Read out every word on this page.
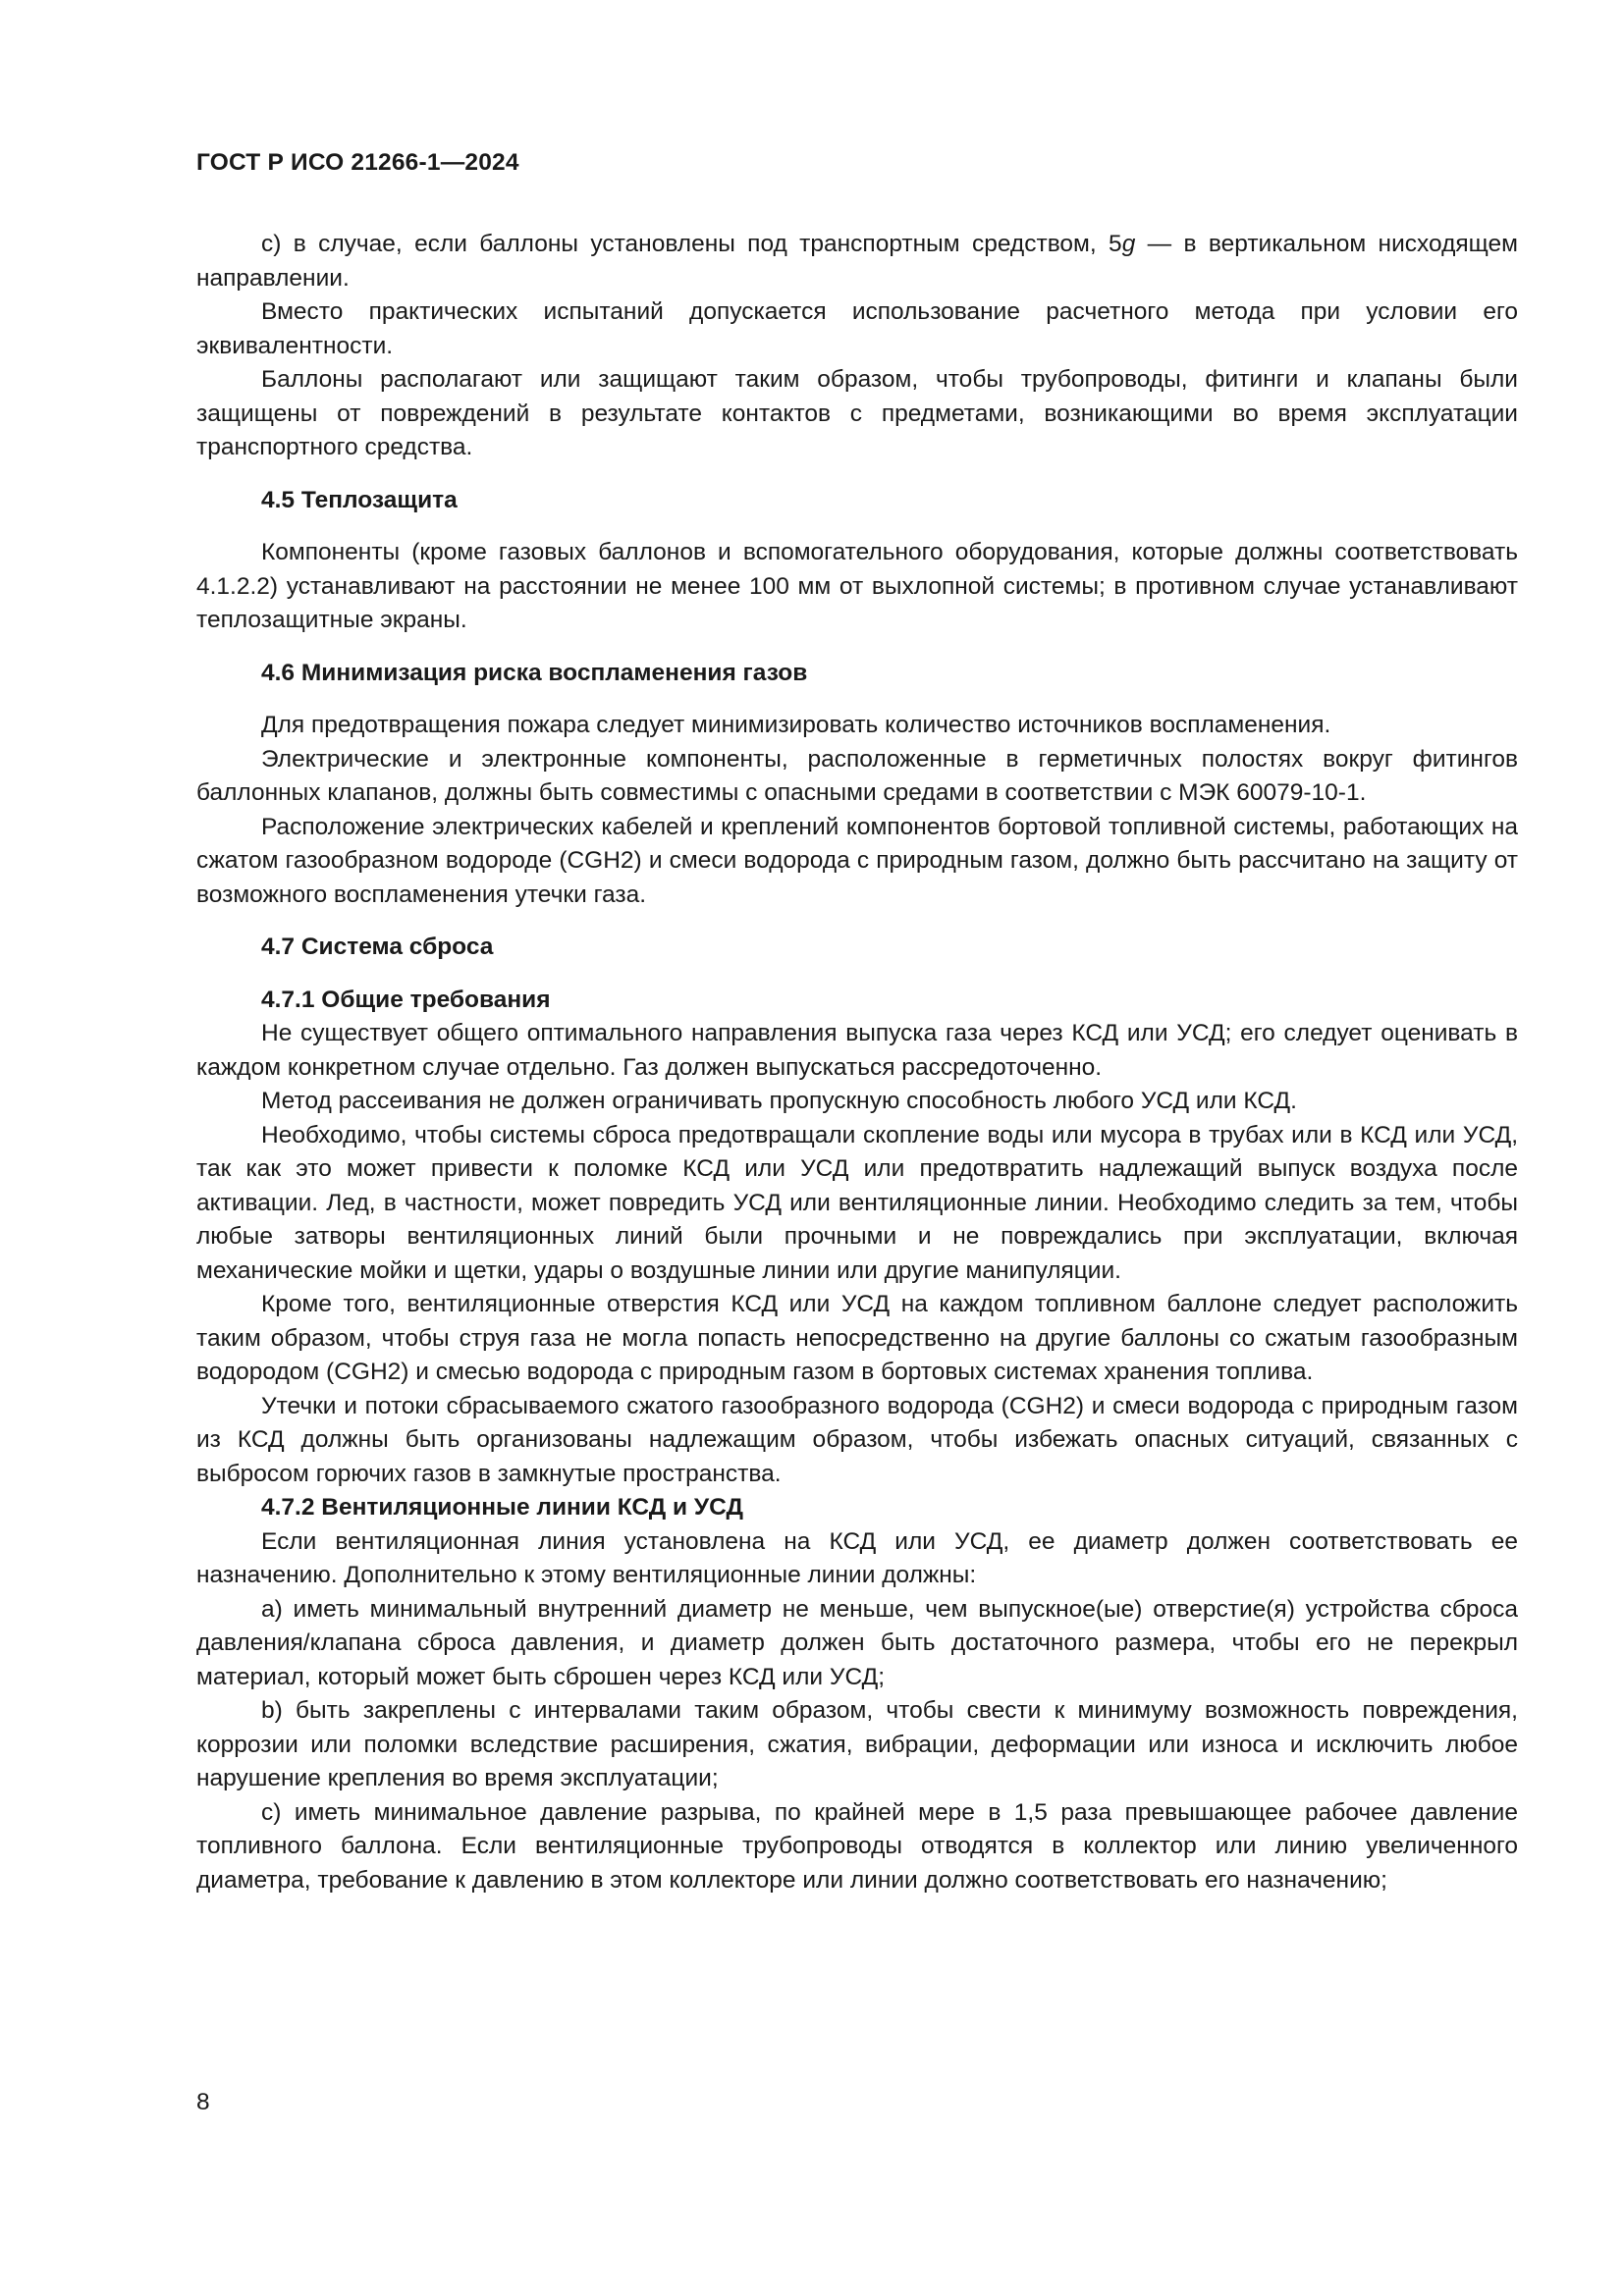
ГОСТ Р ИСО 21266-1—2024

с) в случае, если баллоны установлены под транспортным средством, 5g — в вертикальном нисходящем направлении.

Вместо практических испытаний допускается использование расчетного метода при условии его эквивалентности.

Баллоны располагают или защищают таким образом, чтобы трубопроводы, фитинги и клапаны были защищены от повреждений в результате контактов с предметами, возникающими во время эксплуатации транспортного средства.

4.5 Теплозащита

Компоненты (кроме газовых баллонов и вспомогательного оборудования, которые должны соответствовать 4.1.2.2) устанавливают на расстоянии не менее 100 мм от выхлопной системы; в противном случае устанавливают теплозащитные экраны.

4.6 Минимизация риска воспламенения газов

Для предотвращения пожара следует минимизировать количество источников воспламенения.

Электрические и электронные компоненты, расположенные в герметичных полостях вокруг фитингов баллонных клапанов, должны быть совместимы с опасными средами в соответствии с МЭК 60079-10-1.

Расположение электрических кабелей и креплений компонентов бортовой топливной системы, работающих на сжатом газообразном водороде (CGH2) и смеси водорода с природным газом, должно быть рассчитано на защиту от возможного воспламенения утечки газа.

4.7 Система сброса

4.7.1 Общие требования

Не существует общего оптимального направления выпуска газа через КСД или УСД; его следует оценивать в каждом конкретном случае отдельно. Газ должен выпускаться рассредоточенно.

Метод рассеивания не должен ограничивать пропускную способность любого УСД или КСД.

Необходимо, чтобы системы сброса предотвращали скопление воды или мусора в трубах или в КСД или УСД, так как это может привести к поломке КСД или УСД или предотвратить надлежащий выпуск воздуха после активации. Лед, в частности, может повредить УСД или вентиляционные линии. Необходимо следить за тем, чтобы любые затворы вентиляционных линий были прочными и не повреждались при эксплуатации, включая механические мойки и щетки, удары о воздушные линии или другие манипуляции.

Кроме того, вентиляционные отверстия КСД или УСД на каждом топливном баллоне следует расположить таким образом, чтобы струя газа не могла попасть непосредственно на другие баллоны со сжатым газообразным водородом (CGH2) и смесью водорода с природным газом в бортовых системах хранения топлива.

Утечки и потоки сбрасываемого сжатого газообразного водорода (CGH2) и смеси водорода с природным газом из КСД должны быть организованы надлежащим образом, чтобы избежать опасных ситуаций, связанных с выбросом горючих газов в замкнутые пространства.

4.7.2 Вентиляционные линии КСД и УСД

Если вентиляционная линия установлена на КСД или УСД, ее диаметр должен соответствовать ее назначению. Дополнительно к этому вентиляционные линии должны:

а) иметь минимальный внутренний диаметр не меньше, чем выпускное(ые) отверстие(я) устройства сброса давления/клапана сброса давления, и диаметр должен быть достаточного размера, чтобы его не перекрыл материал, который может быть сброшен через КСД или УСД;

b) быть закреплены с интервалами таким образом, чтобы свести к минимуму возможность повреждения, коррозии или поломки вследствие расширения, сжатия, вибрации, деформации или износа и исключить любое нарушение крепления во время эксплуатации;

с) иметь минимальное давление разрыва, по крайней мере в 1,5 раза превышающее рабочее давление топливного баллона. Если вентиляционные трубопроводы отводятся в коллектор или линию увеличенного диаметра, требование к давлению в этом коллекторе или линии должно соответствовать его назначению;

8
